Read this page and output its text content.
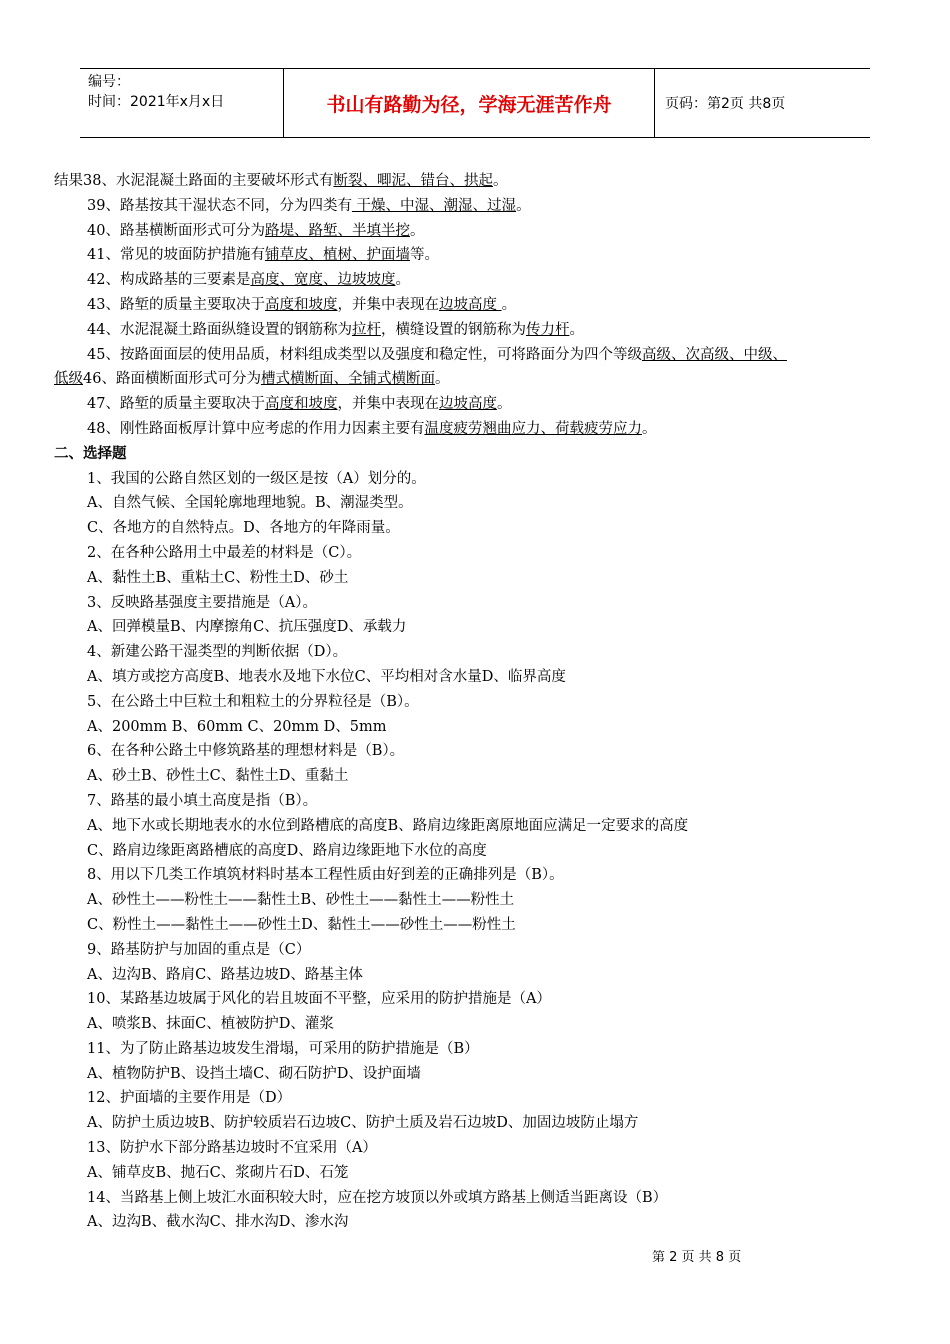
编号：
时间：2021年x月x日	书山有路勤为径，学海无涯苦作舟	页码：第2页 共8页
结果38、水泥混凝土路面的主要破坏形式有断裂、唧泥、错台、拱起。
39、路基按其干湿状态不同，分为四类有 干燥、中湿、潮湿、过湿。
40、路基横断面形式可分为路堤、路堑、半填半挖。
41、常见的坡面防护措施有铺草皮、植树、护面墙等。
42、构成路基的三要素是高度、宽度、边坡坡度。
43、路堑的质量主要取决于高度和坡度，并集中表现在边坡高度 。
44、水泥混凝土路面纵缝设置的钢筋称为拉杆，横缝设置的钢筋称为传力杆。
45、按路面面层的使用品质，材料组成类型以及强度和稳定性，可将路面分为四个等级高级、次高级、中级、
低级46、路面横断面形式可分为槽式横断面、全铺式横断面。
47、路堑的质量主要取决于高度和坡度，并集中表现在边坡高度。
48、刚性路面板厚计算中应考虑的作用力因素主要有温度疲劳翘曲应力、荷载疲劳应力。
二、选择题
1、我国的公路自然区划的一级区是按（A）划分的。
A、自然气候、全国轮廓地理地貌。B、潮湿类型。
C、各地方的自然特点。D、各地方的年降雨量。
2、在各种公路用土中最差的材料是（C）。
A、黏性土B、重粘土C、粉性土D、砂土
3、反映路基强度主要措施是（A）。
A、回弹模量B、内摩擦角C、抗压强度D、承载力
4、新建公路干湿类型的判断依据（D）。
A、填方或挖方高度B、地表水及地下水位C、平均相对含水量D、临界高度
5、在公路土中巨粒土和粗粒土的分界粒径是（B）。
A、200mm B、60mm C、20mm D、5mm
6、在各种公路土中修筑路基的理想材料是（B）。
A、砂土B、砂性土C、黏性土D、重黏土
7、路基的最小填土高度是指（B）。
A、地下水或长期地表水的水位到路槽底的高度B、路肩边缘距离原地面应满足一定要求的高度
C、路肩边缘距离路槽底的高度D、路肩边缘距地下水位的高度
8、用以下几类工作填筑材料时基本工程性质由好到差的正确排列是（B）。
A、砂性土——粉性土——黏性土B、砂性土——黏性土——粉性土
C、粉性土——黏性土——砂性土D、黏性土——砂性土——粉性土
9、路基防护与加固的重点是（C）
A、边沟B、路肩C、路基边坡D、路基主体
10、某路基边坡属于风化的岩且坡面不平整，应采用的防护措施是（A）
A、喷浆B、抹面C、植被防护D、灌浆
11、为了防止路基边坡发生滑塌，可采用的防护措施是（B）
A、植物防护B、设挡土墙C、砌石防护D、设护面墙
12、护面墙的主要作用是（D）
A、防护土质边坡B、防护较质岩石边坡C、防护土质及岩石边坡D、加固边坡防止塌方
13、防护水下部分路基边坡时不宜采用（A）
A、铺草皮B、抛石C、浆砌片石D、石笼
14、当路基上侧上坡汇水面积较大时，应在挖方坡顶以外或填方路基上侧适当距离设（B）
A、边沟B、截水沟C、排水沟D、渗水沟
第 2 页 共 8 页
